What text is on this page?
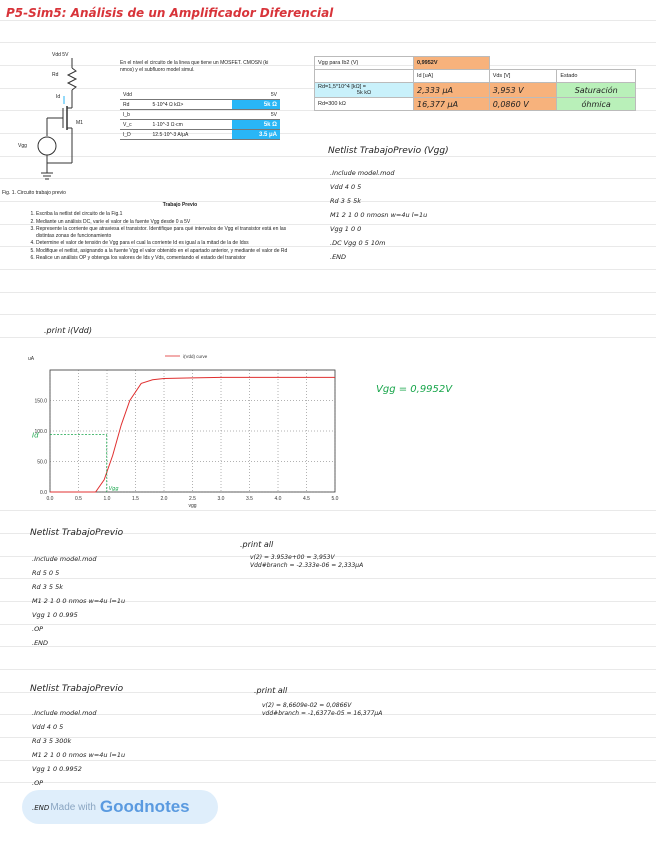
P5-Sim5: Análisis de un Amplificador Diferencial
Vdd 5V
Rd
Id
M1
Vgg
Fig. 1. Circuito trabajo previo
En el nivel el circuito de la linea que tiene un MOSFET. CMOSN (ki nmos) y el subfluoro model simul.
Vdd		5V
Rd	5·10^4 Ω kΩ>	5k Ω
I_b		5V
V_c	1·10^-3 Ω·cm	5k Ω
I_D	12.5·10^-3 A/μA	3.5 μA
Trabajo Previo
1. Escriba la netlist del circuito de la Fig.1
2. Mediante un análisis DC, varíe el valor de la fuente Vgg desde 0 a 5V
3. Represente la corriente que atraviesa el transistor. Identifique para qué intervalos de Vgg el transistor está en las distintas zonas de funcionamiento
4. Determine el valor de tensión de Vgg para el cual la corriente Id es igual a la mitad de la de Idss
5. Modifique el netlist, asignando a la fuente Vgg el valor obtenido en el apartado anterior, y mediante el valor de Rd
6. Realice un análisis OP y obtenga los valores de Ids y Vds, comentando el estado del transistor
Vgg para Ib2 (V)	0,9952V		
	Id [uA]	Vds [V]	Estado

Rd=1,5*10^4 [kΩ] =
5k kΩ	2,333 μA	3,953 V	Saturación
Rd=300 kΩ	16,377 μA	0,0860 V	óhmica
Netlist TrabajoPrevio (Vgg)
.Include model.mod
Vdd 4 0 5
Rd 3 5 5k
M1 2 1 0 0 nmosn w=4u l=1u
Vgg 1 0 0
.DC Vgg 0 5 10m
.END
.print i(Vdd)
0.0	0.5	1.0	1.5	2.0	2.5	3.0	3.5	4.0	4.5	5.0
0.0
50.0
100.0
150.0
vgg
uA	i(Vdd) curve
Id
Vgg
Vgg = 0,9952V
Netlist TrabajoPrevio
.Include model.mod
Rd 5 0 5
Rd 3 5 5k
M1 2 1 0 0 nmos w=4u l=1u
Vgg 1 0 0.995
.OP
.END
.print all
v(2) = 3.953e+00 = 3,953V
Vdd#branch = -2.333e-06 = 2,333μA
Netlist TrabajoPrevio
.Include model.mod
Vdd 4 0 5
Rd 3 5 300k
M1 2 1 0 0 nmos w=4u l=1u
Vgg 1 0 0.9952
.OP
.print all
v(2) = 8,6609e-02 = 0,0866V
vdd#branch = -1,6377e-05 = 16,377μA
Made with Goodnotes
.END
